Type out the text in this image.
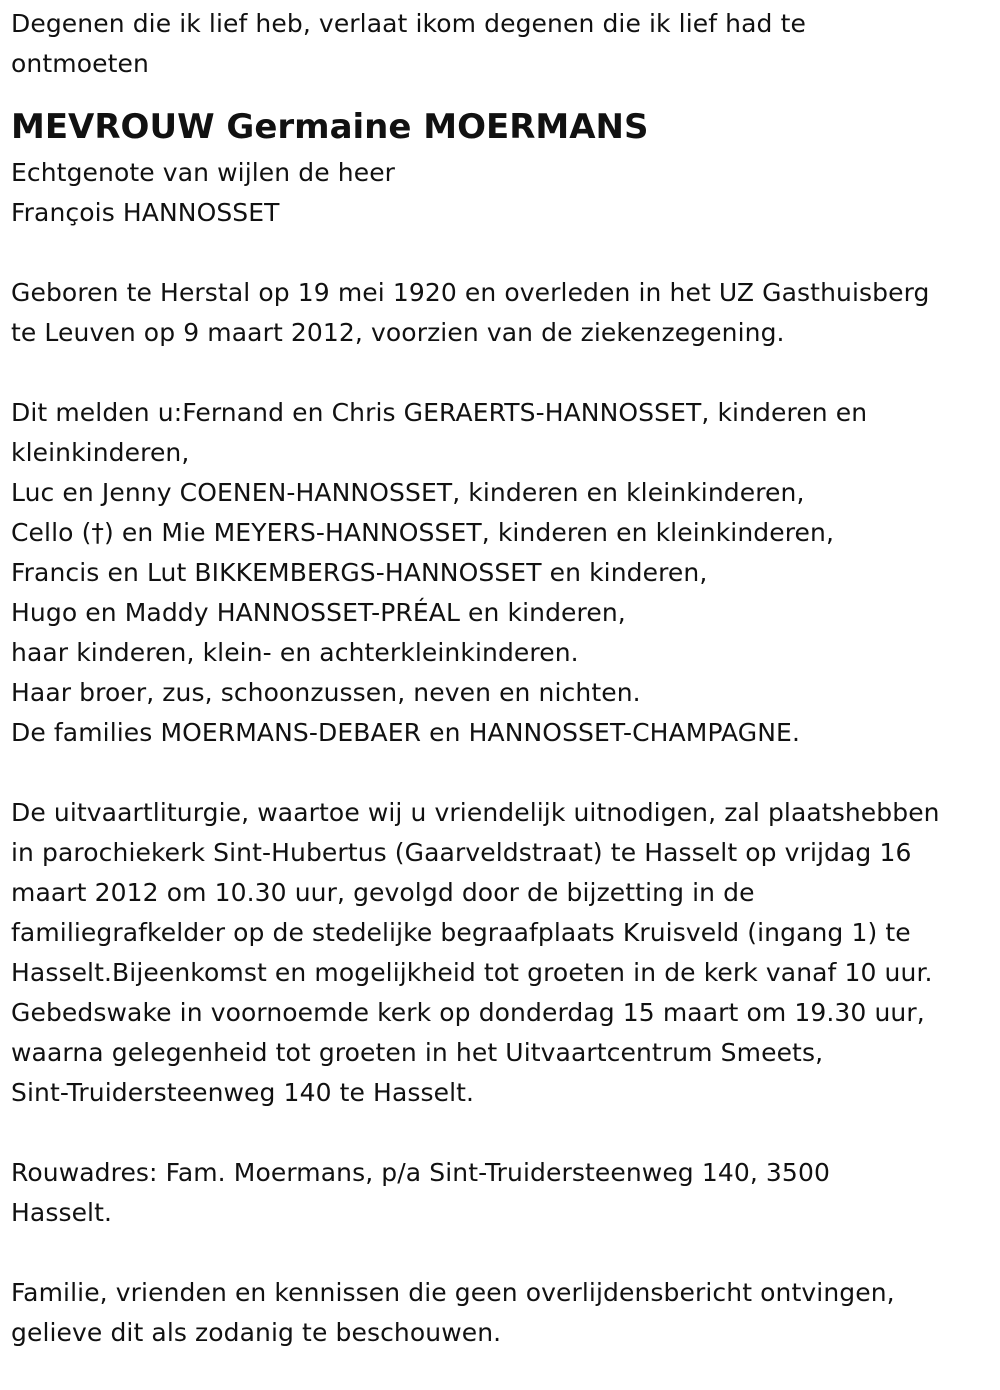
Degenen die ik lief heb, verlaat ikom degenen die ik lief had te
ontmoeten
MEVROUW Germaine MOERMANS
Echtgenote van wijlen de heer
François HANNOSSET
Geboren te Herstal op 19 mei 1920 en overleden in het UZ Gasthuisberg
te Leuven op 9 maart 2012, voorzien van de ziekenzegening.
Dit melden u:Fernand en Chris GERAERTS-HANNOSSET, kinderen en
kleinkinderen,
Luc en Jenny COENEN-HANNOSSET, kinderen en kleinkinderen,
Cello (†) en Mie MEYERS-HANNOSSET, kinderen en kleinkinderen,
Francis en Lut BIKKEMBERGS-HANNOSSET en kinderen,
Hugo en Maddy HANNOSSET-PRÉAL en kinderen,
haar kinderen, klein- en achterkleinkinderen.
Haar broer, zus, schoonzussen, neven en nichten.
De families MOERMANS-DEBAER en HANNOSSET-CHAMPAGNE.
De uitvaartliturgie, waartoe wij u vriendelijk uitnodigen, zal plaatshebben
in parochiekerk Sint-Hubertus (Gaarveldstraat) te Hasselt op vrijdag 16
maart 2012 om 10.30 uur, gevolgd door de bijzetting in de
familiegrafkelder op de stedelijke begraafplaats Kruisveld (ingang 1) te
Hasselt.Bijeenkomst en mogelijkheid tot groeten in de kerk vanaf 10 uur.
Gebedswake in voornoemde kerk op donderdag 15 maart om 19.30 uur,
waarna gelegenheid tot groeten in het Uitvaartcentrum Smeets,
Sint-Truidersteenweg 140 te Hasselt.
Rouwadres: Fam. Moermans, p/a Sint-Truidersteenweg 140, 3500
Hasselt.
Familie, vrienden en kennissen die geen overlijdensbericht ontvingen,
gelieve dit als zodanig te beschouwen.
